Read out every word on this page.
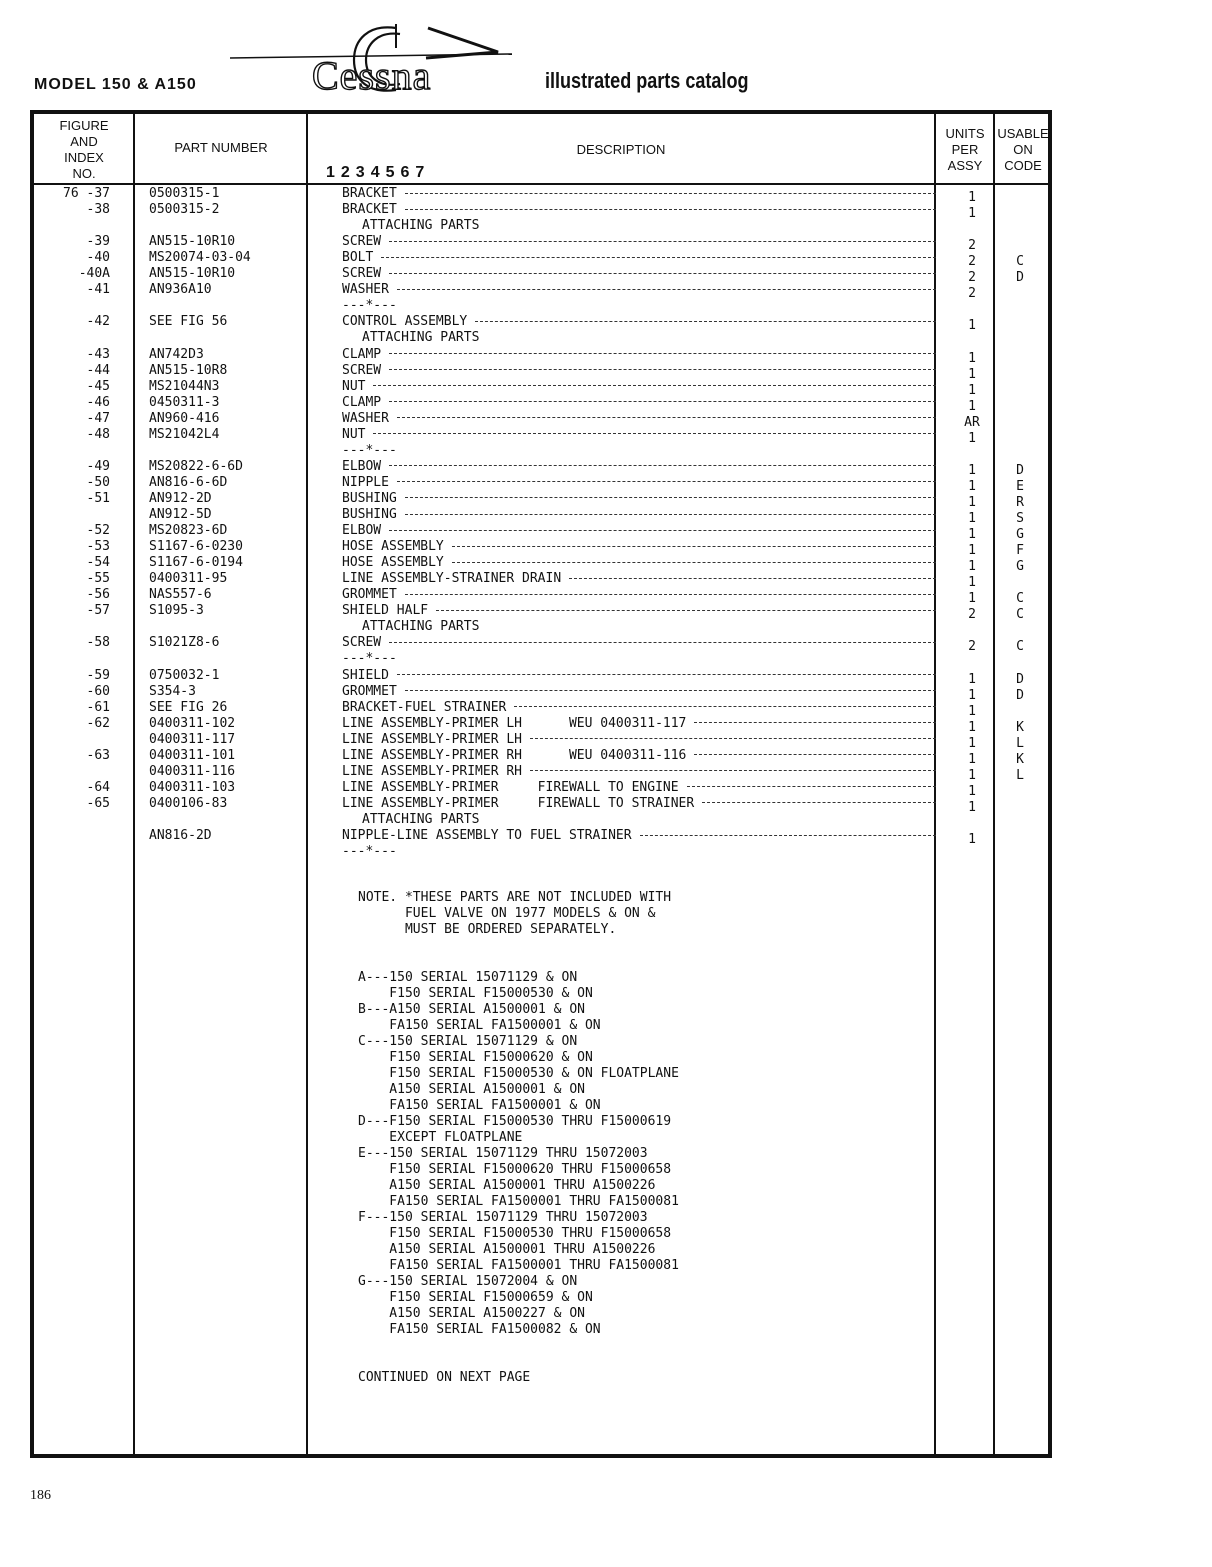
MODEL 150 & A150	Cessna	illustrated parts catalog
FIGURE
AND
INDEX
NO.
PART NUMBER	DESCRIPTION
1234567
UNITS
PER
ASSY
USABLE
ON
CODE
76 -37	0500315-1	BRACKET	1
-38	0500315-2	BRACKET	1
ATTACHING PARTS
-39	AN515-10R10	SCREW	2
-40	MS20074-03-04	BOLT	2	C
-40A	AN515-10R10	SCREW	2	D
-41	AN936A10	WASHER	2
---*---
-42	SEE FIG 56	CONTROL ASSEMBLY	1
ATTACHING PARTS
-43	AN742D3	CLAMP	1
-44	AN515-10R8	SCREW	1
-45	MS21044N3	NUT	1
-46	0450311-3	CLAMP	1
-47	AN960-416	WASHER	AR
-48	MS21042L4	NUT	1
---*---
-49	MS20822-6-6D	ELBOW	1	D
-50	AN816-6-6D	NIPPLE	1	E
-51	AN912-2D	BUSHING	1	R
AN912-5D	BUSHING	1	S
-52	MS20823-6D	ELBOW	1	G
-53	S1167-6-0230	HOSE ASSEMBLY	1	F
-54	S1167-6-0194	HOSE ASSEMBLY	1	G
-55	0400311-95	LINE ASSEMBLY-STRAINER DRAIN	1
-56	NAS557-6	GROMMET	1	C
-57	S1095-3	SHIELD HALF	2	C
ATTACHING PARTS
-58	S1021Z8-6	SCREW	2	C
---*---
-59	0750032-1	SHIELD	1	D
-60	S354-3	GROMMET	1	D
-61	SEE FIG 26	BRACKET-FUEL STRAINER	1
-62	0400311-102	LINE ASSEMBLY-PRIMER LH      WEU 0400311-117	1	K
0400311-117	LINE ASSEMBLY-PRIMER LH	1	L
-63	0400311-101	LINE ASSEMBLY-PRIMER RH      WEU 0400311-116	1	K
0400311-116	LINE ASSEMBLY-PRIMER RH	1	L
-64	0400311-103	LINE ASSEMBLY-PRIMER     FIREWALL TO ENGINE	1
-65	0400106-83	LINE ASSEMBLY-PRIMER     FIREWALL TO STRAINER	1
ATTACHING PARTS
AN816-2D	NIPPLE-LINE ASSEMBLY TO FUEL STRAINER	1
---*---
NOTE. *THESE PARTS ARE NOT INCLUDED WITH
FUEL VALVE ON 1977 MODELS & ON &
MUST BE ORDERED SEPARATELY.

A---150 SERIAL 15071129 & ON
F150 SERIAL F15000530 & ON
B---A150 SERIAL A1500001 & ON
FA150 SERIAL FA1500001 & ON
C---150 SERIAL 15071129 & ON
F150 SERIAL F15000620 & ON
F150 SERIAL F15000530 & ON FLOATPLANE
A150 SERIAL A1500001 & ON
FA150 SERIAL FA1500001 & ON
D---F150 SERIAL F15000530 THRU F15000619
EXCEPT FLOATPLANE
E---150 SERIAL 15071129 THRU 15072003
F150 SERIAL F15000620 THRU F15000658
A150 SERIAL A1500001 THRU A1500226
FA150 SERIAL FA1500001 THRU FA1500081
F---150 SERIAL 15071129 THRU 15072003
F150 SERIAL F15000530 THRU F15000658
A150 SERIAL A1500001 THRU A1500226
FA150 SERIAL FA1500001 THRU FA1500081
G---150 SERIAL 15072004 & ON
F150 SERIAL F15000659 & ON
A150 SERIAL A1500227 & ON
FA150 SERIAL FA1500082 & ON

CONTINUED ON NEXT PAGE
186
